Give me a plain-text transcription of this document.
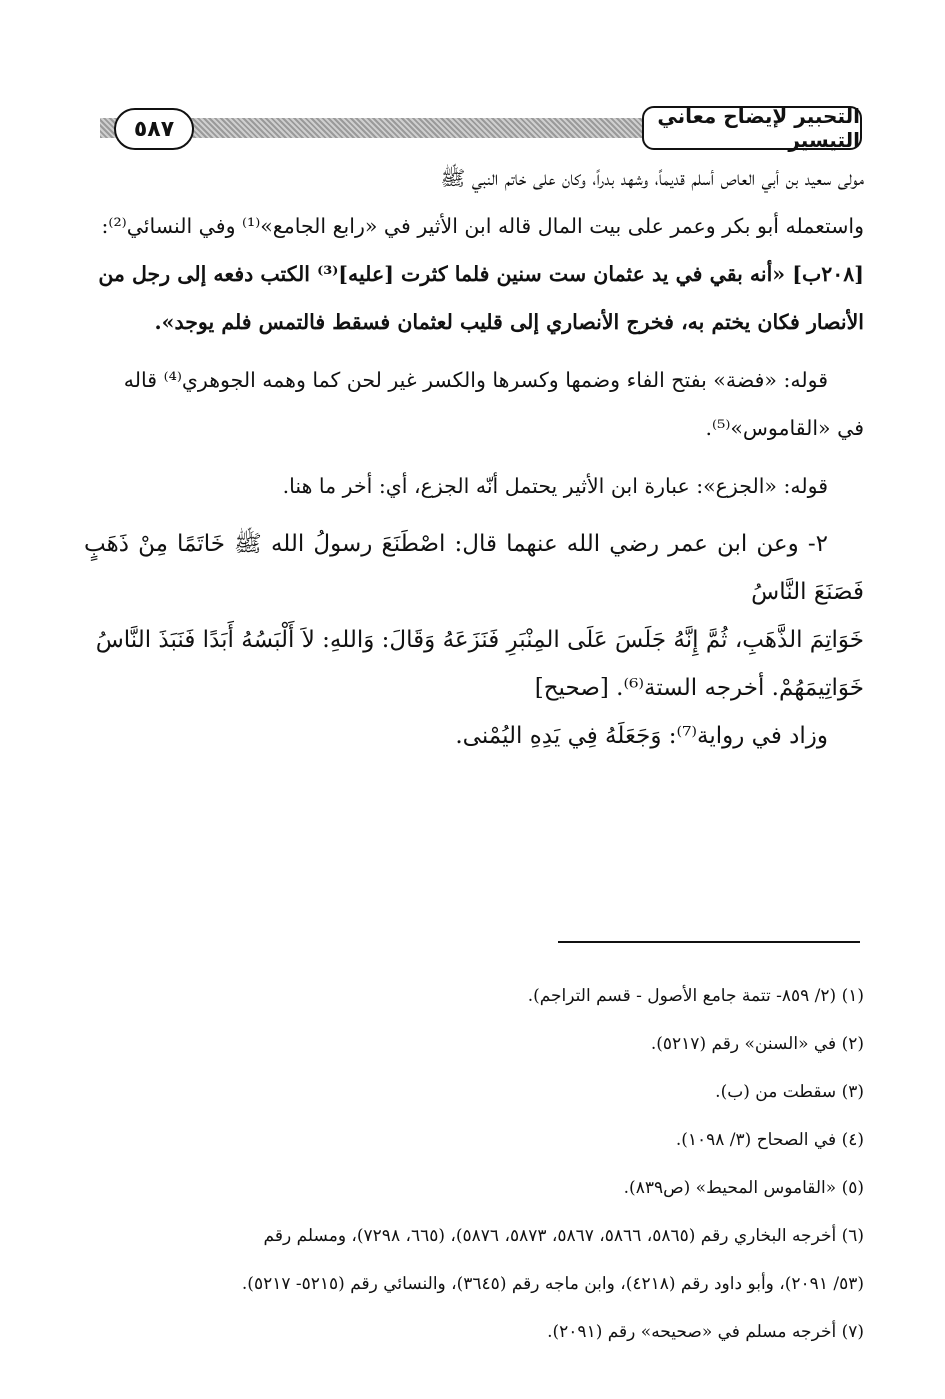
٥٨٧
التحبير لإيضاح معاني التيسير

مولى سعيد بن أبي العاص أسلم قديماً، وشهد بدراً، وكان على خاتم النبي ﷺ

واستعمله أبو بكر وعمر على بيت المال قاله ابن الأثير في «رابع الجامع»⁽¹⁾ وفي النسائي⁽²⁾:

[٢٠٨ب] «أنه بقي في يد عثمان ست سنين فلما كثرت [عليه]⁽³⁾ الكتب دفعه إلى رجل من

الأنصار فكان يختم به، فخرج الأنصاري إلى قليب لعثمان فسقط فالتمس فلم يوجد».

قوله: «فضة» بفتح الفاء وضمها وكسرها والكسر غير لحن كما وهمه الجوهري⁽⁴⁾ قاله

في «القاموس»⁽⁵⁾.

قوله: «الجزع»: عبارة ابن الأثير يحتمل أنّه الجزع، أي: أخر ما هنا.

٢- وعن ابن عمر رضي الله عنهما قال: اصْطَنَعَ رسولُ الله ﷺ خَاتَمًا مِنْ ذَهَبٍ فَصَنَعَ النَّاسُ

خَوَاتِمَ الذَّهَبِ، ثُمَّ إِنَّهُ جَلَسَ عَلَى المِنْبَرِ فَنَزَعَهُ وَقَالَ: وَاللهِ: لاَ أَلْبَسُهُ أَبَدًا فَنَبَذَ النَّاسُ

خَوَاتِيمَهُمْ. أخرجه الستة⁽⁶⁾. [صحيح]

وزاد في رواية⁽⁷⁾: وَجَعَلَهُ فِي يَدِهِ اليُمْنى.

(١) (٢/ ٨٥٩- تتمة جامع الأصول - قسم التراجم).

(٢) في «السنن» رقم (٥٢١٧).

(٣) سقطت من (ب).

(٤) في الصحاح (٣/ ١٠٩٨).

(٥) «القاموس المحيط» (ص٨٣٩).

(٦) أخرجه البخاري رقم (٥٨٦٥، ٥٨٦٦، ٥٨٦٧، ٥٨٧٣، ٥٨٧٦)، (٦٦٥، ٧٢٩٨)، ومسلم رقم

(٥٣/ ٢٠٩١)، وأبو داود رقم (٤٢١٨)، وابن ماجه رقم (٣٦٤٥)، والنسائي رقم (٥٢١٥- ٥٢١٧).

(٧) أخرجه مسلم في «صحيحه» رقم (٢٠٩١).
